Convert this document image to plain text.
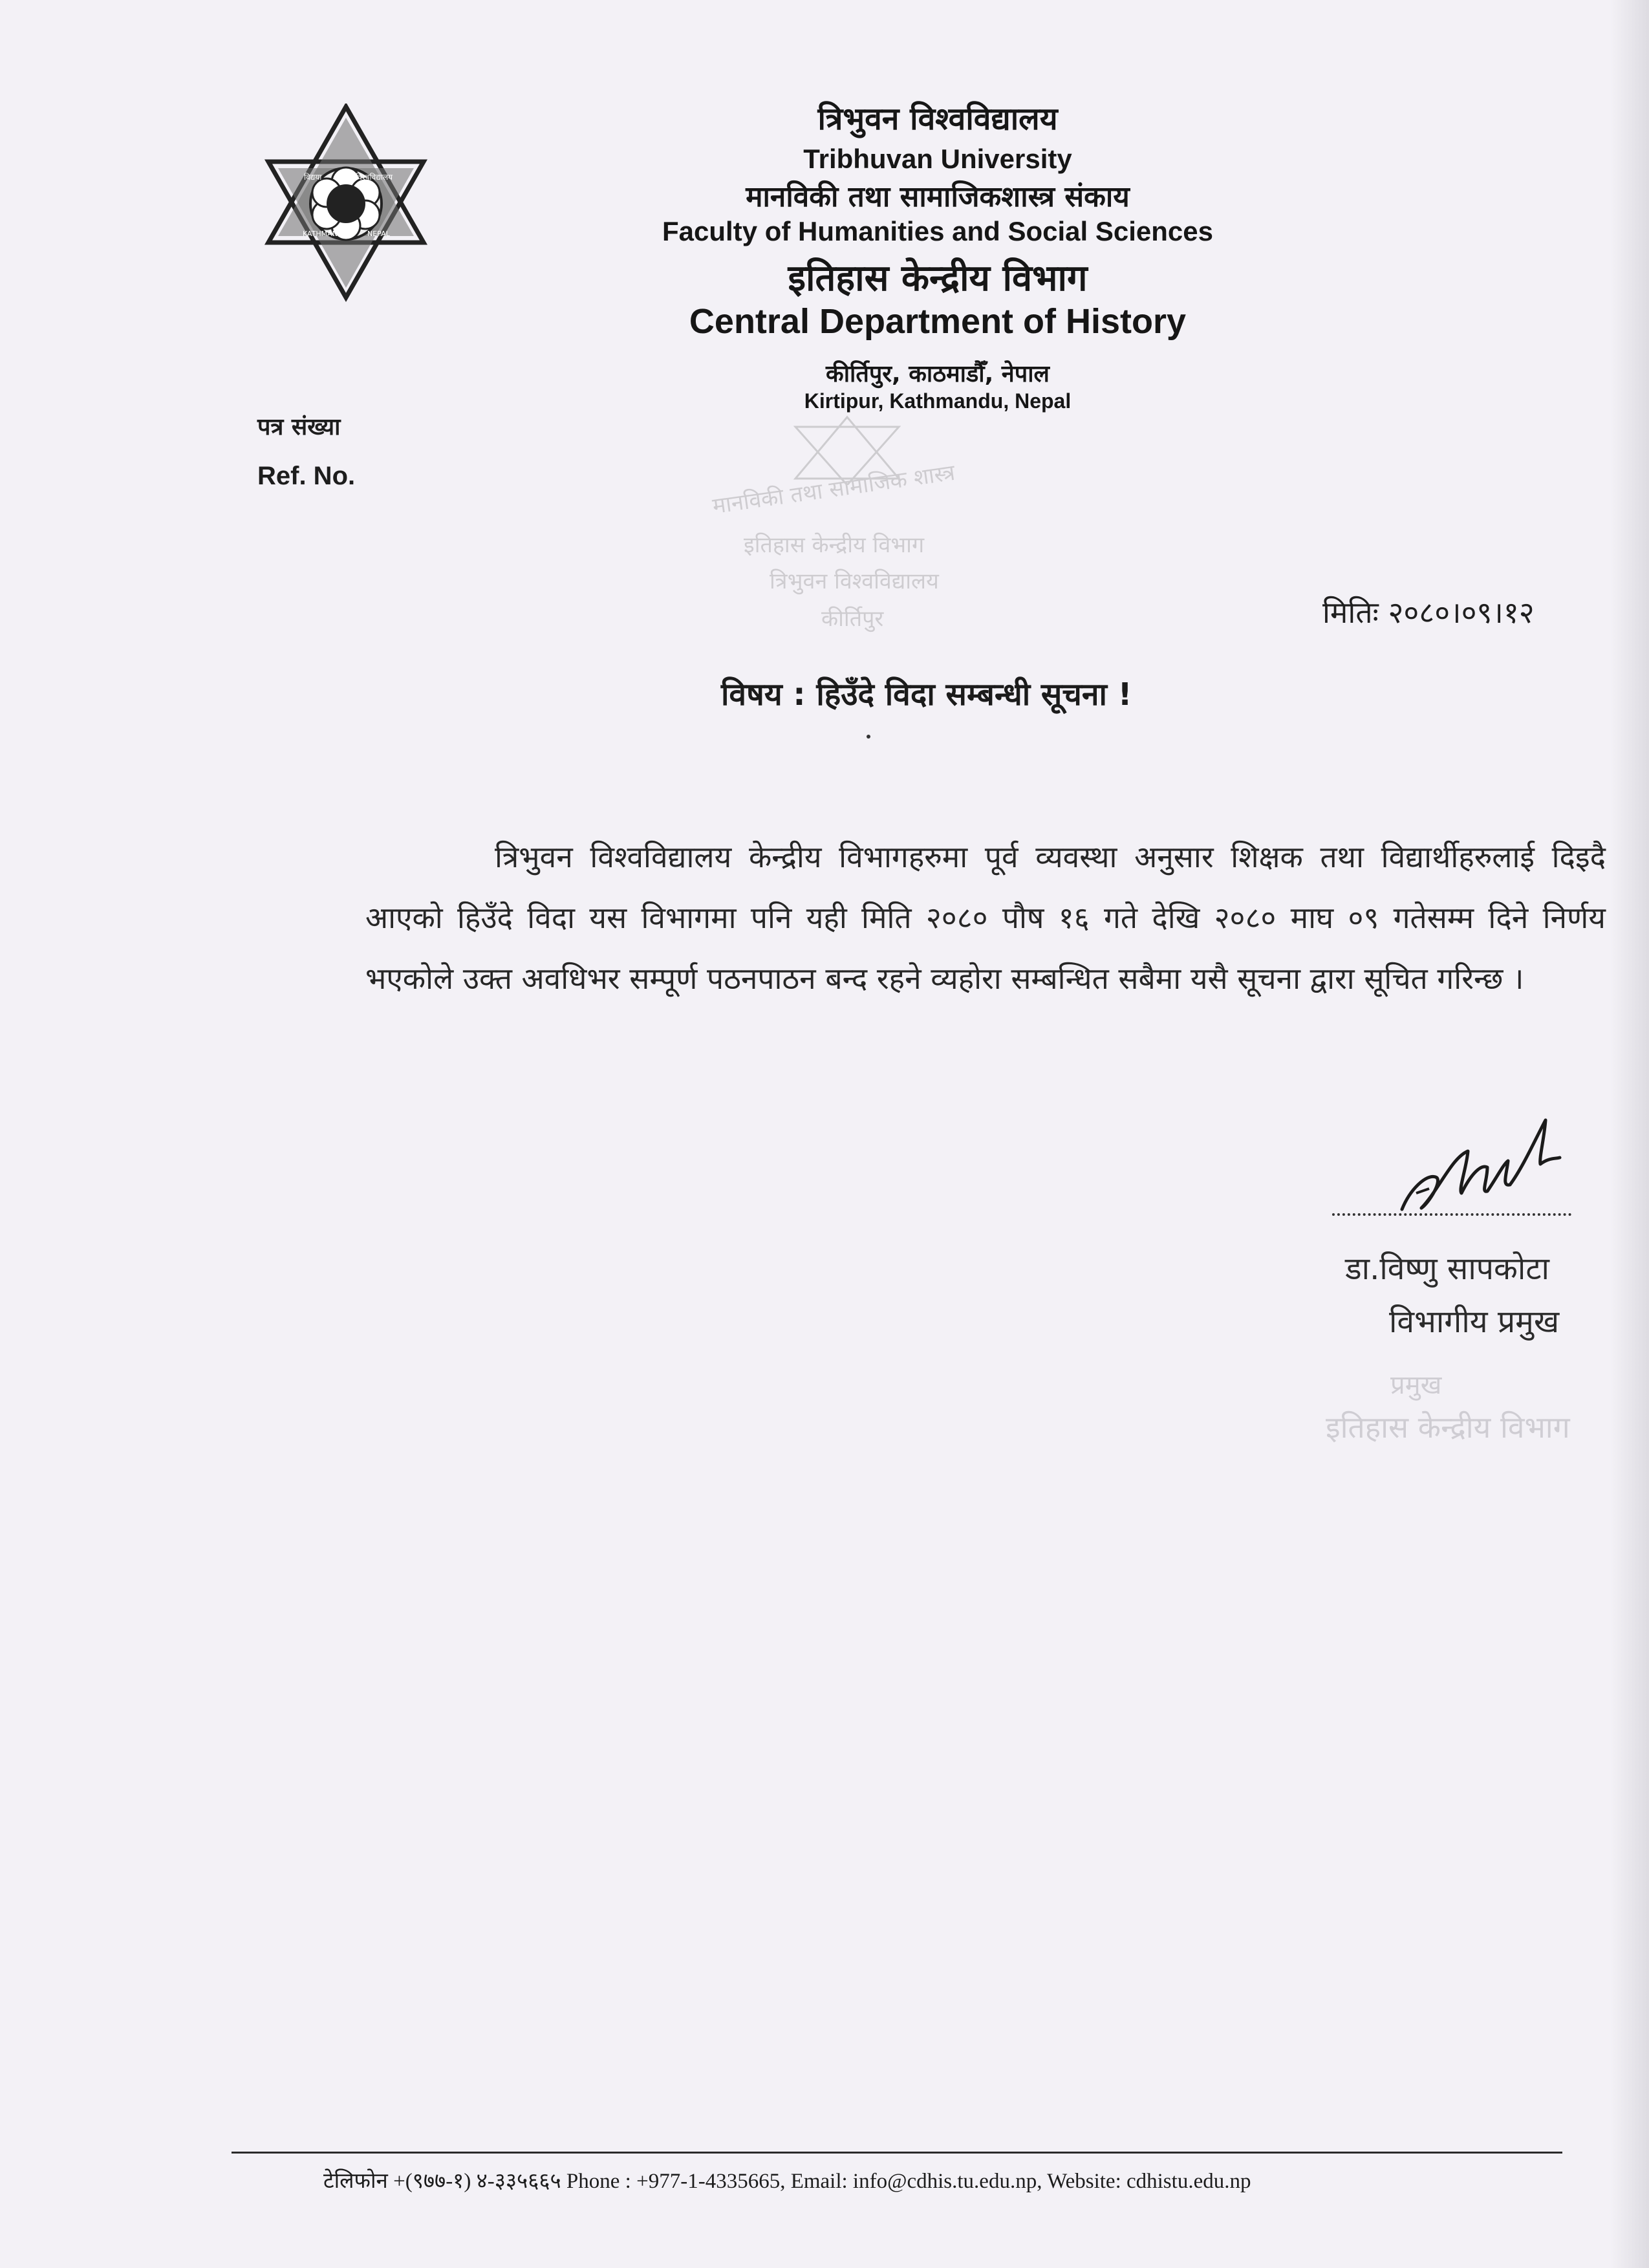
विद्यया	विश्वविद्यालय
KATHMANDU	NEPAL
त्रिभुवन विश्वविद्यालय
Tribhuvan University
मानविकी तथा सामाजिकशास्त्र संकाय
Faculty of Humanities and Social Sciences
इतिहास केन्द्रीय विभाग
Central Department of History
कीर्तिपुर, काठमाडौँ, नेपाल
Kirtipur, Kathmandu, Nepal
पत्र संख्या
Ref. No.	मानविकी तथा सामाजिक शास्त्र
इतिहास केन्द्रीय विभाग
त्रिभुवन विश्वविद्यालय
कीर्तिपुर	मितिः २०८०।०९।१२
विषय : हिउँदे विदा सम्बन्धी सूचना !
त्रिभुवन विश्वविद्यालय केन्द्रीय विभागहरुमा पूर्व व्यवस्था अनुसार शिक्षक तथा विद्यार्थीहरुलाई दिइदै आएको हिउँदे विदा यस विभागमा पनि यही मिति २०८० पौष १६ गते देखि २०८० माघ ०९ गतेसम्म दिने निर्णय भएकोले उक्त अवधिभर सम्पूर्ण पठनपाठन बन्द रहने व्यहोरा सम्बन्धित सबैमा यसै सूचना द्वारा सूचित गरिन्छ ।
डा.विष्णु सापकोटा
विभागीय प्रमुख
प्रमुख
इतिहास केन्द्रीय विभाग
टेलिफोन +(९७७-१) ४-३३५६६५ Phone : +977-1-4335665, Email: info@cdhis.tu.edu.np, Website: cdhistu.edu.np
